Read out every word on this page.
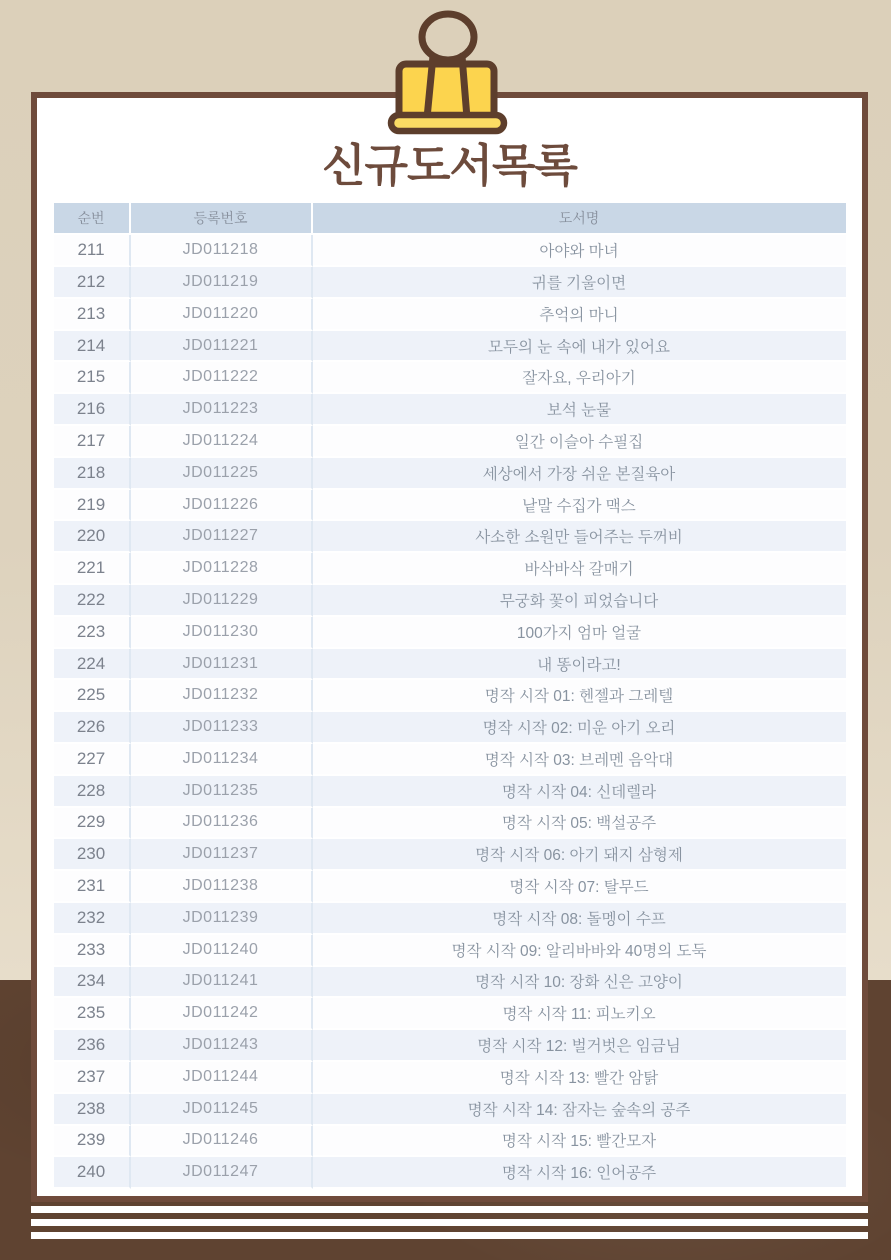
신규도서목록
순번	등록번호	도서명
211	JD011218	아야와 마녀
212	JD011219	귀를 기울이면
213	JD011220	추억의 마니
214	JD011221	모두의 눈 속에 내가 있어요
215	JD011222	잘자요, 우리아기
216	JD011223	보석 눈물
217	JD011224	일간 이슬아 수필집
218	JD011225	세상에서 가장 쉬운 본질육아
219	JD011226	낱말 수집가 맥스
220	JD011227	사소한 소원만 들어주는 두꺼비
221	JD011228	바삭바삭 갈매기
222	JD011229	무궁화 꽃이 피었습니다
223	JD011230	100가지 엄마 얼굴
224	JD011231	내 똥이라고!
225	JD011232	명작 시작 01: 헨젤과 그레텔
226	JD011233	명작 시작 02: 미운 아기 오리
227	JD011234	명작 시작 03: 브레멘 음악대
228	JD011235	명작 시작 04: 신데렐라
229	JD011236	명작 시작 05: 백설공주
230	JD011237	명작 시작 06: 아기 돼지 삼형제
231	JD011238	명작 시작 07: 탈무드
232	JD011239	명작 시작 08: 돌멩이 수프
233	JD011240	명작 시작 09: 알리바바와 40명의 도둑
234	JD011241	명작 시작 10: 장화 신은 고양이
235	JD011242	명작 시작 11: 피노키오
236	JD011243	명작 시작 12: 벌거벗은 임금님
237	JD011244	명작 시작 13: 빨간 암탉
238	JD011245	명작 시작 14: 잠자는 숲속의 공주
239	JD011246	명작 시작 15: 빨간모자
240	JD011247	명작 시작 16: 인어공주
